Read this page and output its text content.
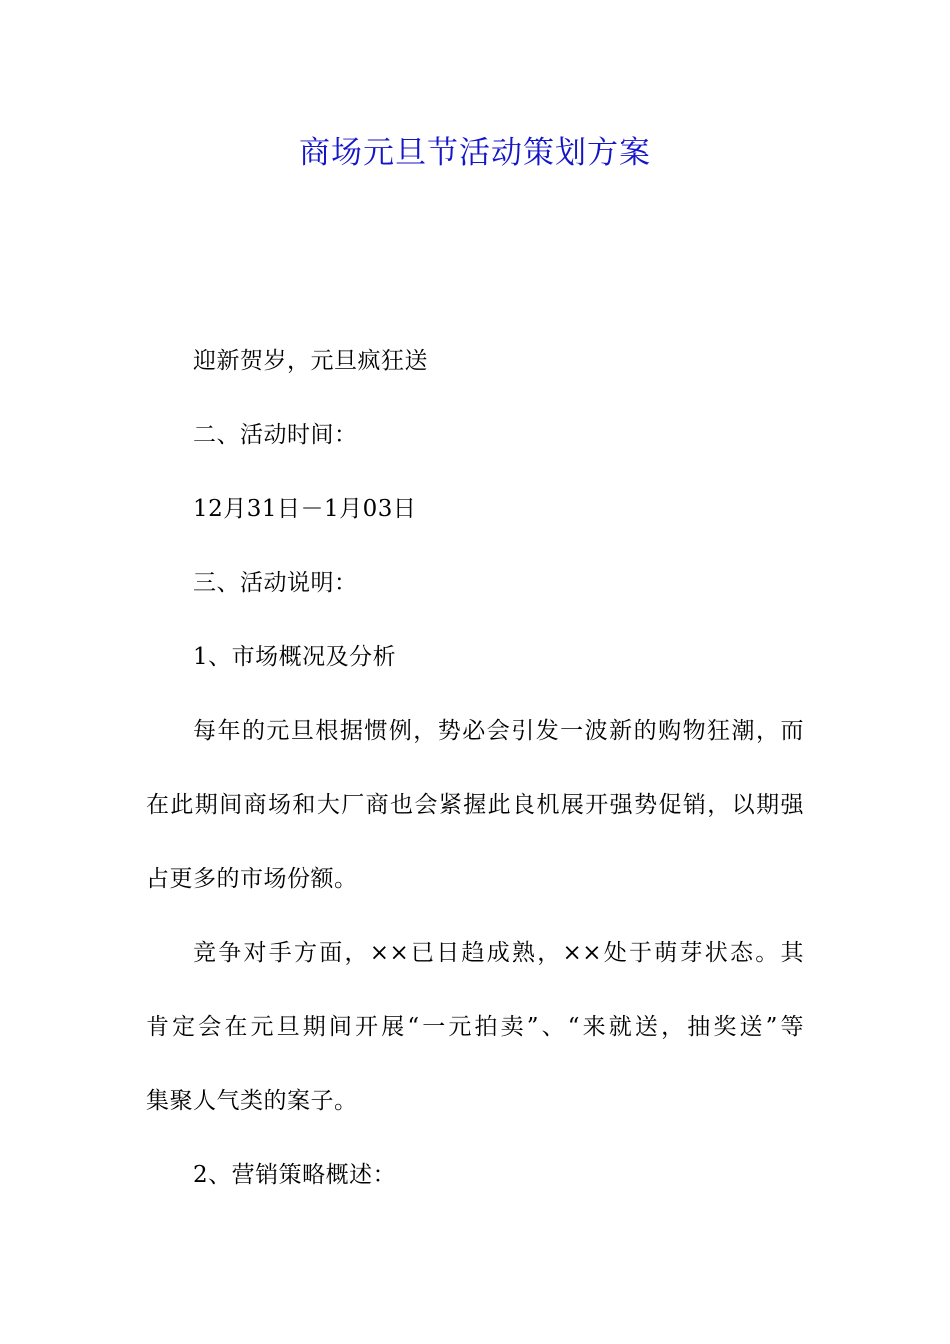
商场元旦节活动策划方案
迎新贺岁，元旦疯狂送
二、活动时间：
12月31日－1月03日
三、活动说明：
1、市场概况及分析
每年的元旦根据惯例，势必会引发一波新的购物狂潮，而
在此期间商场和大厂商也会紧握此良机展开强势促销，以期强
占更多的市场份额。
竞争对手方面，××已日趋成熟，××处于萌芽状态。其
肯定会在元旦期间开展“一元拍卖”、“来就送，抽奖送”等
集聚人气类的案子。
2、营销策略概述：
